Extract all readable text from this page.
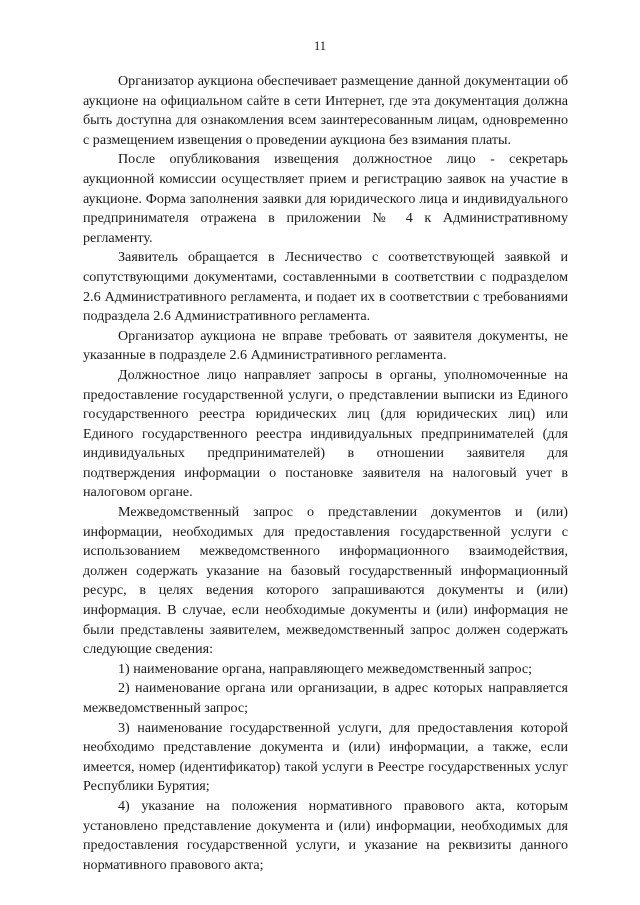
11

Организатор аукциона обеспечивает размещение данной документации об аукционе на официальном сайте в сети Интернет, где эта документация должна быть доступна для ознакомления всем заинтересованным лицам, одновременно с размещением извещения о проведении аукциона без взимания платы.

После опубликования извещения должностное лицо - секретарь аукционной комиссии осуществляет прием и регистрацию заявок на участие в аукционе. Форма заполнения заявки для юридического лица и индивидуального предпринимателя отражена в приложении № 4 к Административному регламенту.

Заявитель обращается в Лесничество с соответствующей заявкой и сопутствующими документами, составленными в соответствии с подразделом 2.6 Административного регламента, и подает их в соответствии с требованиями подраздела 2.6 Административного регламента.

Организатор аукциона не вправе требовать от заявителя документы, не указанные в подразделе 2.6 Административного регламента.

Должностное лицо направляет запросы в органы, уполномоченные на предоставление государственной услуги, о представлении выписки из Единого государственного реестра юридических лиц (для юридических лиц) или Единого государственного реестра индивидуальных предпринимателей (для индивидуальных предпринимателей) в отношении заявителя для подтверждения информации о постановке заявителя на налоговый учет в налоговом органе.

Межведомственный запрос о представлении документов и (или) информации, необходимых для предоставления государственной услуги с использованием межведомственного информационного взаимодействия, должен содержать указание на базовый государственный информационный ресурс, в целях ведения которого запрашиваются документы и (или) информация. В случае, если необходимые документы и (или) информация не были представлены заявителем, межведомственный запрос должен содержать следующие сведения:

1) наименование органа, направляющего межведомственный запрос;

2) наименование органа или организации, в адрес которых направляется межведомственный запрос;

3) наименование государственной услуги, для предоставления которой необходимо представление документа и (или) информации, а также, если имеется, номер (идентификатор) такой услуги в Реестре государственных услуг Республики Бурятия;

4) указание на положения нормативного правового акта, которым установлено представление документа и (или) информации, необходимых для предоставления государственной услуги, и указание на реквизиты данного нормативного правового акта;
